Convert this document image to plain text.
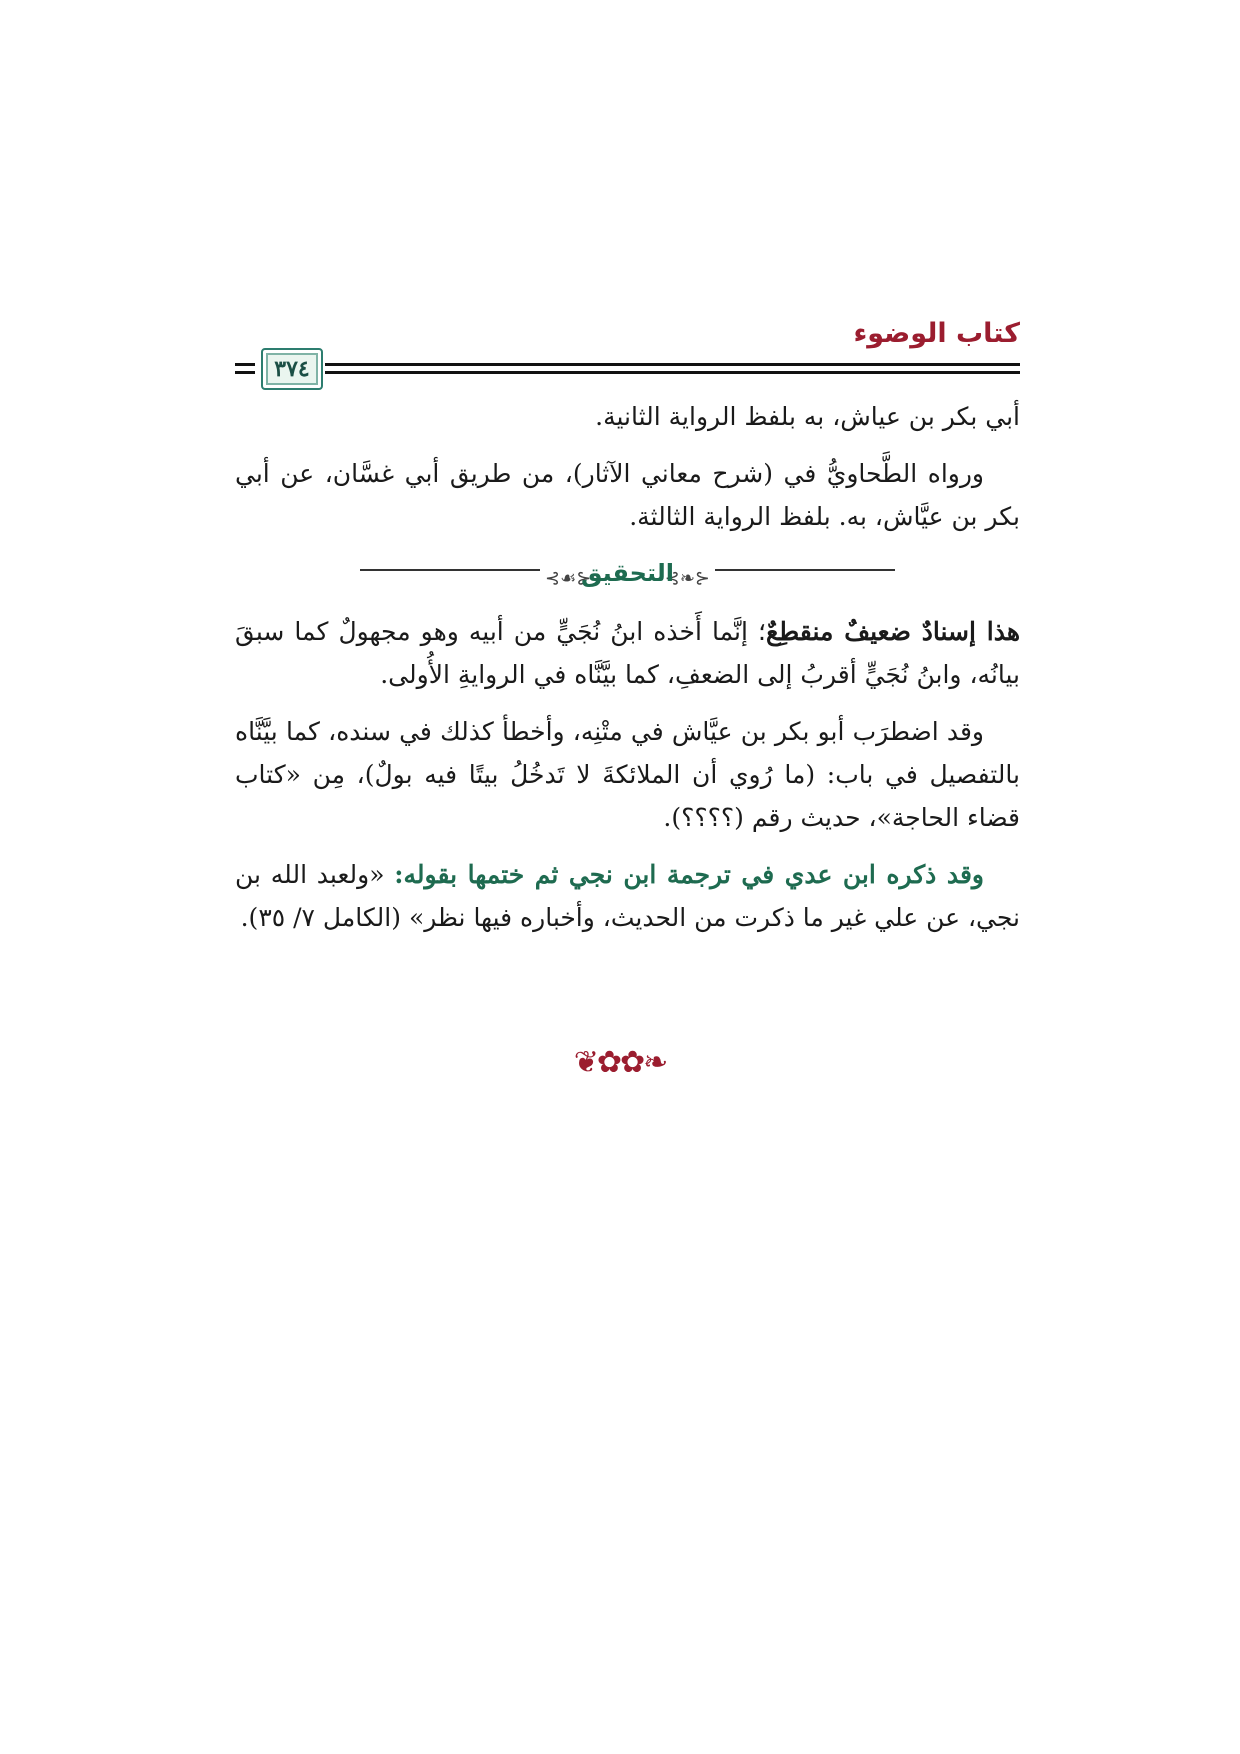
كتاب الوضوء
٣٧٤

أبي بكر بن عياش، به بلفظ الرواية الثانية.

ورواه الطَّحاويُّ في (شرح معاني الآثار)، من طريق أبي غسَّان، عن أبي بكر بن عيَّاش، به. بلفظ الرواية الثالثة.

⊰❧⊱
التحقيق
⊰☙⊱

هذا إسنادٌ ضعيفٌ منقطِعٌ؛ إنَّما أَخذه ابنُ نُجَيٍّ من أبيه وهو مجهولٌ كما سبقَ بيانُه، وابنُ نُجَيٍّ أقربُ إلى الضعفِ، كما بيَّنَّاه في الروايةِ الأُولى.

وقد اضطرَب أبو بكر بن عيَّاش في متْنِه، وأخطأ كذلك في سنده، كما بيَّنَّاه بالتفصيل في باب: (ما رُوي أن الملائكةَ لا تَدخُلُ بيتًا فيه بولٌ)، مِن «كتاب قضاء الحاجة»، حديث رقم (؟؟؟؟).

وقد ذكره ابن عدي في ترجمة ابن نجي ثم ختمها بقوله: «ولعبد الله بن نجي، عن علي غير ما ذكرت من الحديث، وأخباره فيها نظر» (الكامل ٧/ ٣٥).

❦✿✿❧
